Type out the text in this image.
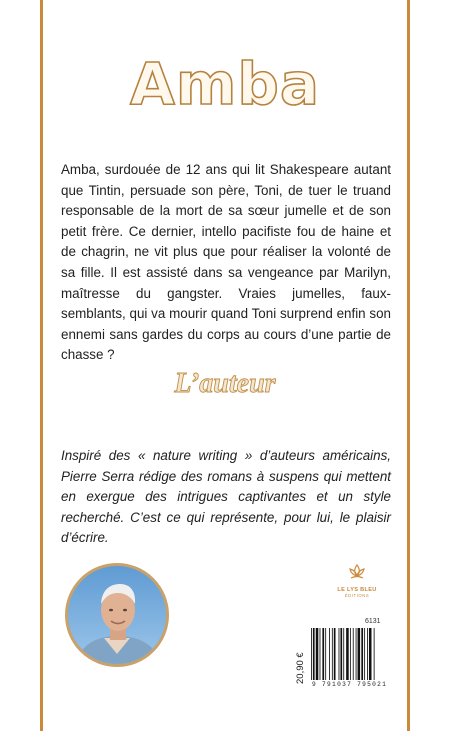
Amba
Amba, surdouée de 12 ans qui lit Shakespeare autant que Tintin, persuade son père, Toni, de tuer le truand responsable de la mort de sa sœur jumelle et de son petit frère. Ce dernier, intello pacifiste fou de haine et de chagrin, ne vit plus que pour réaliser la volonté de sa fille. Il est assisté dans sa vengeance par Marilyn, maîtresse du gangster. Vraies jumelles, faux-semblants, qui va mourir quand Toni surprend enfin son ennemi sans gardes du corps au cours d’une partie de chasse ?
L’auteur
Inspiré des « nature writing » d’auteurs américains, Pierre Serra rédige des romans à suspens qui mettent en exergue des intrigues captivantes et un style recherché. C’est ce qui représente, pour lui, le plaisir d’écrire.
LE LYS BLEU
ÉDITIONS
6131
20,90 €
9 791037 795021
